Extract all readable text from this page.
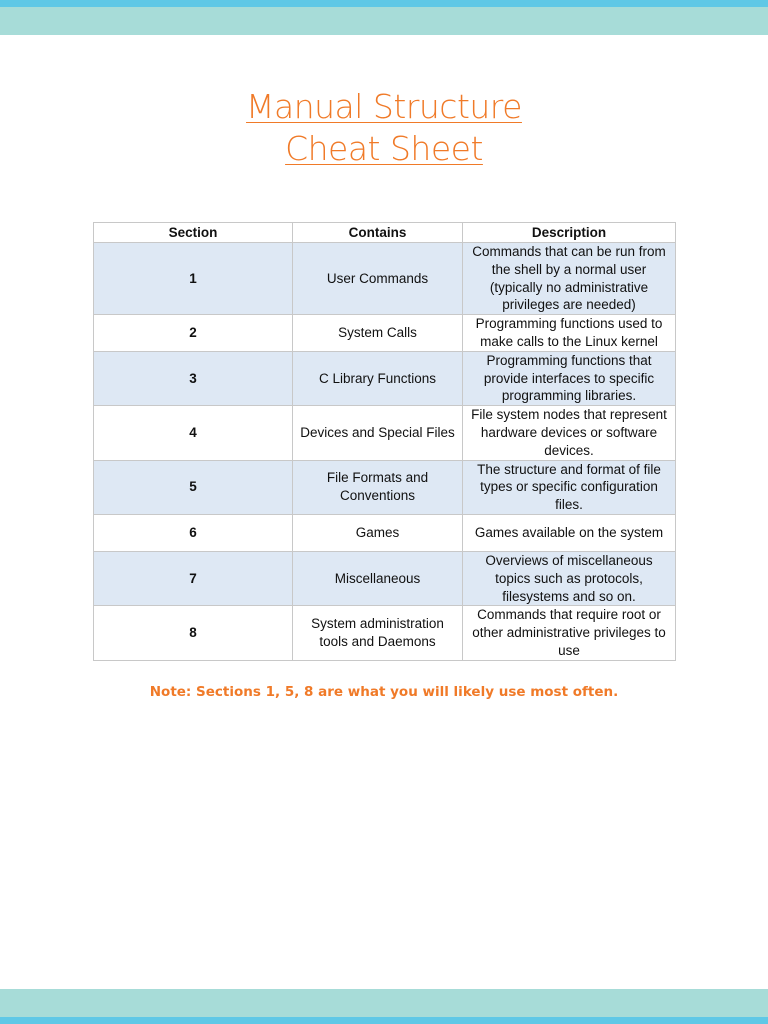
Manual Structure
Cheat Sheet
Section	Contains	Description
1	User Commands	Commands that can be run from the shell by a normal user (typically no administrative privileges are needed)
2	System Calls	Programming functions used to make calls to the Linux kernel
3	C Library Functions	Programming functions that provide interfaces to specific programming libraries.
4	Devices and Special Files	File system nodes that represent hardware devices or software devices.
5	File Formats and Conventions	The structure and format of file types or specific configuration files.
6	Games	Games available on the system
7	Miscellaneous	Overviews of miscellaneous topics such as protocols, filesystems and so on.
8	System administration tools and Daemons	Commands that require root or other administrative privileges to use
Note: Sections 1, 5, 8 are what you will likely use most often.
